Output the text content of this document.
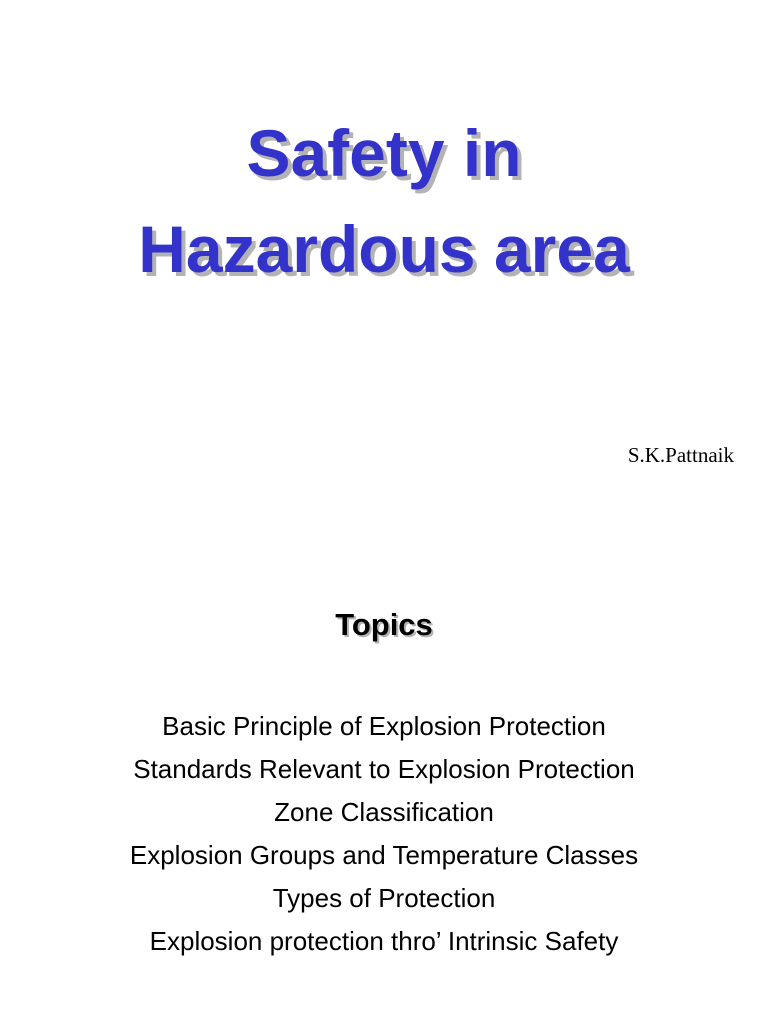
Safety in
Hazardous area
S.K.Pattnaik
Topics
Basic Principle of Explosion Protection
Standards Relevant to Explosion Protection
Zone Classification
Explosion Groups and Temperature Classes
Types of Protection
Explosion protection thro’ Intrinsic Safety
